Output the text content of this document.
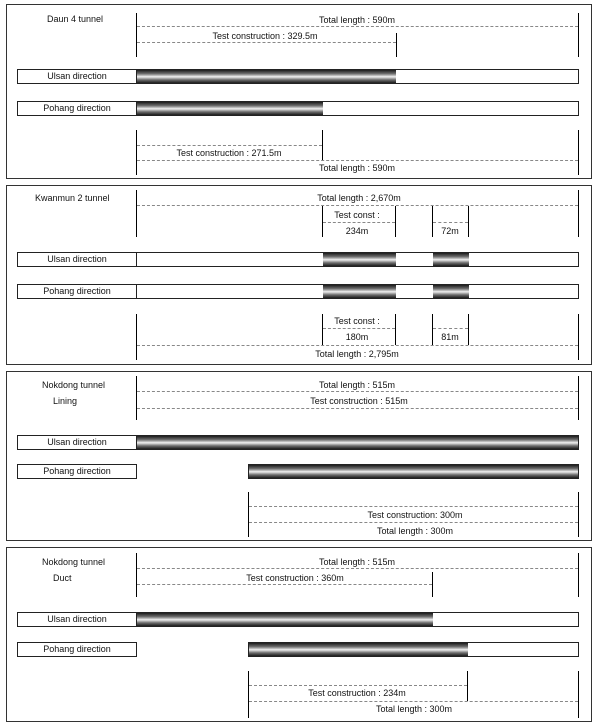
Daun 4 tunnel	Total length : 590m
Test construction : 329.5m
Ulsan direction
Pohang direction
Test construction : 271.5m
Total length : 590m
Kwanmun 2 tunnel	Total length : 2,670m
Test const :
234m	72m
Ulsan direction
Pohang direction
Test const :
180m	81m
Total length : 2,795m
Nokdong tunnel
Lining
Total length : 515m
Test construction : 515m
Ulsan direction
Pohang direction
Test construction: 300m
Total length : 300m
Nokdong tunnel
Duct
Total length : 515m
Test construction : 360m
Ulsan direction
Pohang direction
Test construction : 234m
Total length : 300m
